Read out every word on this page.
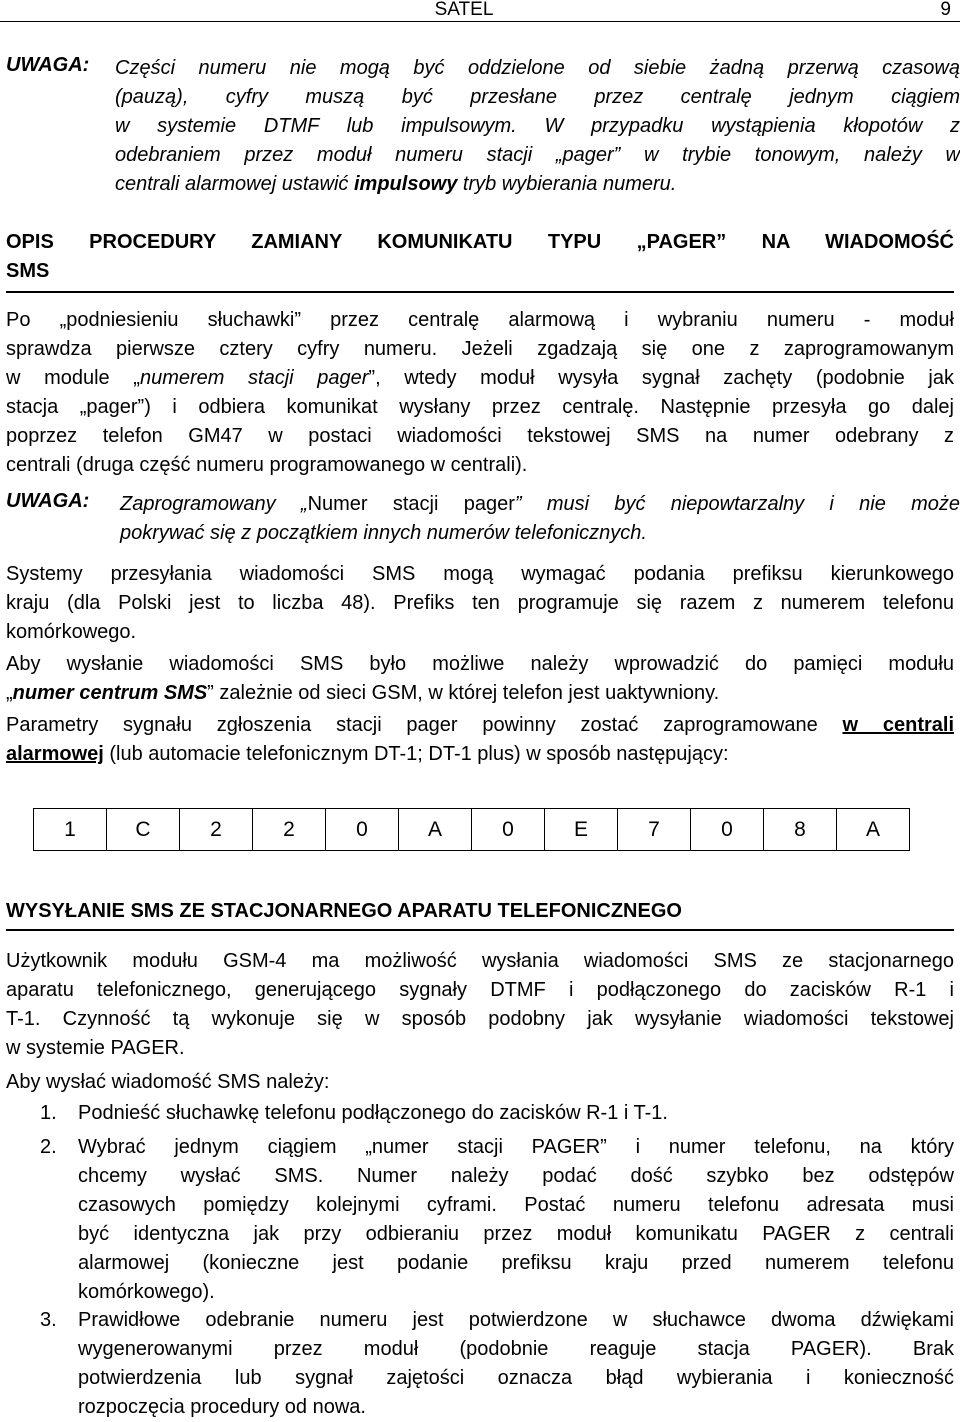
SATEL	9
UWAGA: Części numeru nie mogą być oddzielone od siebie żadną przerwą czasową
(pauzą), cyfry muszą być przesłane przez centralę jednym ciągiem
w systemie DTMF lub impulsowym. W przypadku wystąpienia kłopotów z
odebraniem przez moduł numeru stacji „pager” w trybie tonowym, należy w
centrali alarmowej ustawić impulsowy tryb wybierania numeru.
OPIS PROCEDURY ZAMIANY KOMUNIKATU TYPU „PAGER” NA WIADOMOŚĆ
SMS
Po „podniesieniu słuchawki” przez centralę alarmową i wybraniu numeru - moduł
sprawdza pierwsze cztery cyfry numeru. Jeżeli zgadzają się one z zaprogramowanym
w module „numerem stacji pager”, wtedy moduł wysyła sygnał zachęty (podobnie jak
stacja „pager”) i odbiera komunikat wysłany przez centralę. Następnie przesyła go dalej
poprzez telefon GM47 w postaci wiadomości tekstowej SMS na numer odebrany z
centrali (druga część numeru programowanego w centrali).
UWAGA: Zaprogramowany „Numer stacji pager” musi być niepowtarzalny i nie może
pokrywać się z początkiem innych numerów telefonicznych.
Systemy przesyłania wiadomości SMS mogą wymagać podania prefiksu kierunkowego
kraju (dla Polski jest to liczba 48). Prefiks ten programuje się razem z numerem telefonu
komórkowego.
Aby wysłanie wiadomości SMS było możliwe należy wprowadzić do pamięci modułu
„numer centrum SMS” zależnie od sieci GSM, w której telefon jest uaktywniony.
Parametry sygnału zgłoszenia stacji pager powinny zostać zaprogramowane w centrali
alarmowej (lub automacie telefonicznym DT-1; DT-1 plus) w sposób następujący:
1	C	2	2	0	A	0	E	7	0	8	A
WYSYŁANIE SMS ZE STACJONARNEGO APARATU TELEFONICZNEGO
Użytkownik modułu GSM-4 ma możliwość wysłania wiadomości SMS ze stacjonarnego
aparatu telefonicznego, generującego sygnały DTMF i podłączonego do zacisków R-1 i
T-1. Czynność tą wykonuje się w sposób podobny jak wysyłanie wiadomości tekstowej
w systemie PAGER.
Aby wysłać wiadomość SMS należy:
1. Podnieść słuchawkę telefonu podłączonego do zacisków R-1 i T-1.
2. Wybrać jednym ciągiem „numer stacji PAGER” i numer telefonu, na który
chcemy wysłać SMS. Numer należy podać dość szybko bez odstępów
czasowych pomiędzy kolejnymi cyframi. Postać numeru telefonu adresata musi
być identyczna jak przy odbieraniu przez moduł komunikatu PAGER z centrali
alarmowej (konieczne jest podanie prefiksu kraju przed numerem telefonu
komórkowego).
3. Prawidłowe odebranie numeru jest potwierdzone w słuchawce dwoma dźwiękami
wygenerowanymi przez moduł (podobnie reaguje stacja PAGER). Brak
potwierdzenia lub sygnał zajętości oznacza błąd wybierania i konieczność
rozpoczęcia procedury od nowa.
